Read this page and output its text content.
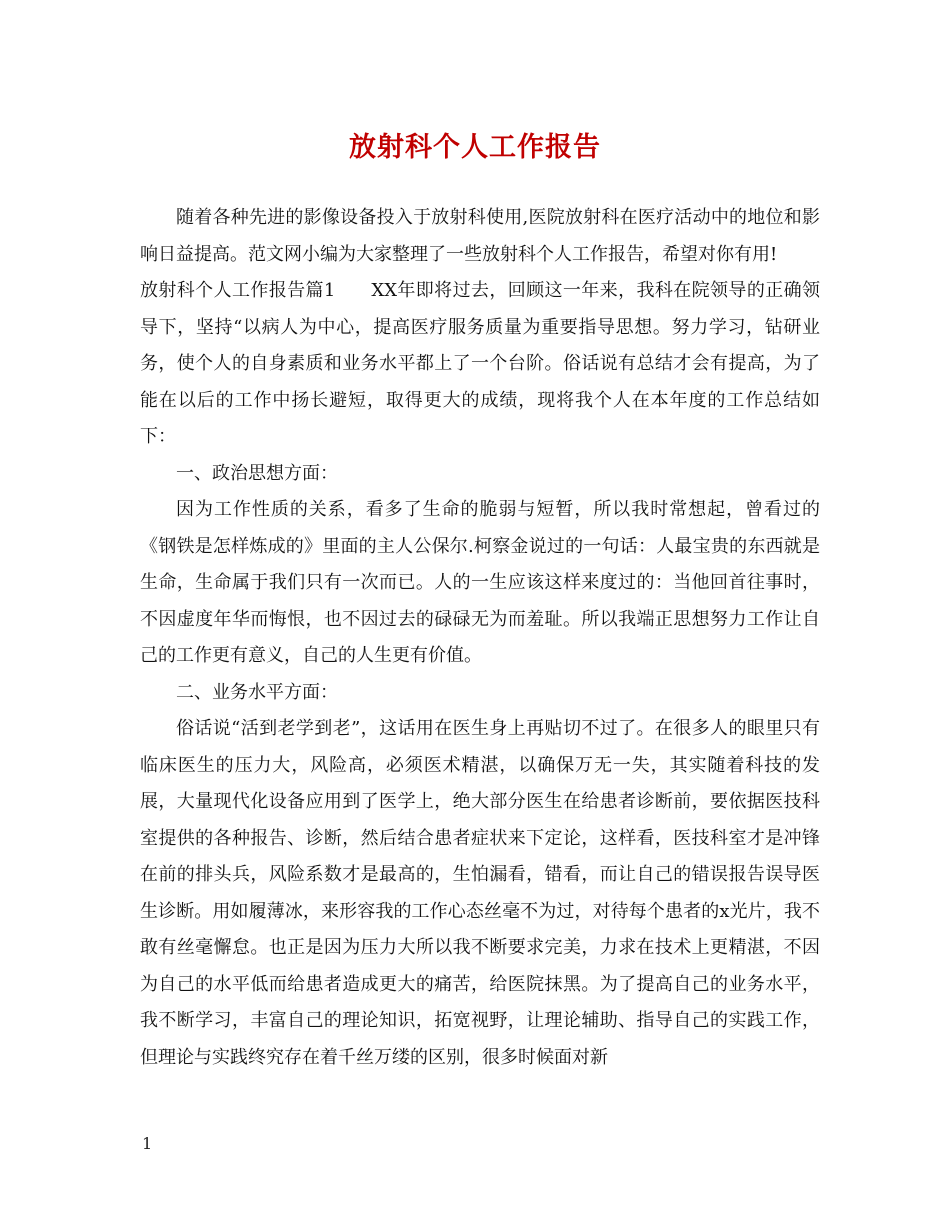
放射科个人工作报告

随着各种先进的影像设备投入于放射科使用,医院放射科在医疗活动中的地位和影响日益提高。范文网小编为大家整理了一些放射科个人工作报告，希望对你有用!

放射科个人工作报告篇1 XX年即将过去，回顾这一年来，我科在院领导的正确领导下，坚持“以病人为中心，提高医疗服务质量为重要指导思想。努力学习，钻研业务，使个人的自身素质和业务水平都上了一个台阶。俗话说有总结才会有提高，为了能在以后的工作中扬长避短，取得更大的成绩，现将我个人在本年度的工作总结如下：

一、政治思想方面：

因为工作性质的关系，看多了生命的脆弱与短暂，所以我时常想起，曾看过的《钢铁是怎样炼成的》里面的主人公保尔.柯察金说过的一句话：人最宝贵的东西就是生命，生命属于我们只有一次而已。人的一生应该这样来度过的：当他回首往事时，不因虚度年华而悔恨，也不因过去的碌碌无为而羞耻。所以我端正思想努力工作让自己的工作更有意义，自己的人生更有价值。

二、业务水平方面：

俗话说“活到老学到老”，这话用在医生身上再贴切不过了。在很多人的眼里只有临床医生的压力大，风险高，必须医术精湛，以确保万无一失，其实随着科技的发展，大量现代化设备应用到了医学上，绝大部分医生在给患者诊断前，要依据医技科室提供的各种报告、诊断，然后结合患者症状来下定论，这样看，医技科室才是冲锋在前的排头兵，风险系数才是最高的，生怕漏看，错看，而让自己的错误报告误导医生诊断。用如履薄冰，来形容我的工作心态丝毫不为过，对待每个患者的x光片，我不敢有丝毫懈怠。也正是因为压力大所以我不断要求完美，力求在技术上更精湛，不因为自己的水平低而给患者造成更大的痛苦，给医院抹黑。为了提高自己的业务水平，我不断学习，丰富自己的理论知识，拓宽视野，让理论辅助、指导自己的实践工作，但理论与实践终究存在着千丝万缕的区别，很多时候面对新

1
